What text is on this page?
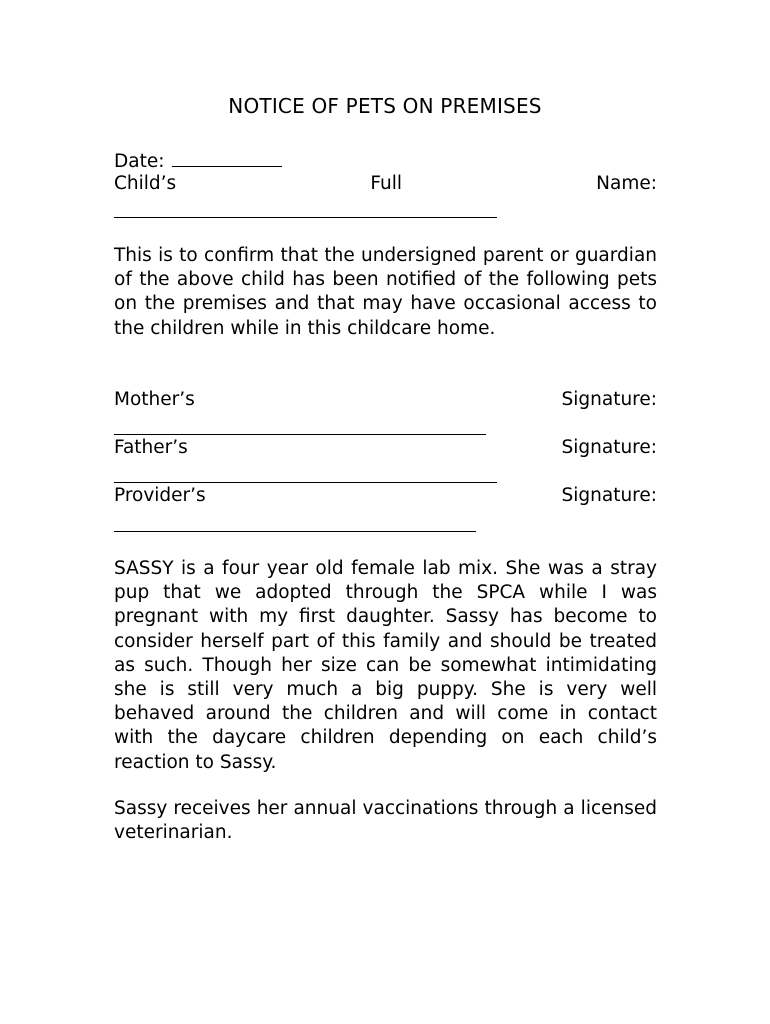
NOTICE OF PETS ON PREMISES
Date:
Child’s	Full	Name:
This is to confirm that the undersigned parent or guardian of the above child has been notified of the following pets on the premises and that may have occasional access to the children while in this childcare home.
Mother’s	Signature:
Father’s	Signature:
Provider’s	Signature:
SASSY is a four year old female lab mix. She was a stray pup that we adopted through the SPCA while I was pregnant with my first daughter. Sassy has become to consider herself part of this family and should be treated as such. Though her size can be somewhat intimidating she is still very much a big puppy. She is very well behaved around the children and will come in contact with the daycare children depending on each child’s reaction to Sassy.
Sassy receives her annual vaccinations through a licensed veterinarian.
